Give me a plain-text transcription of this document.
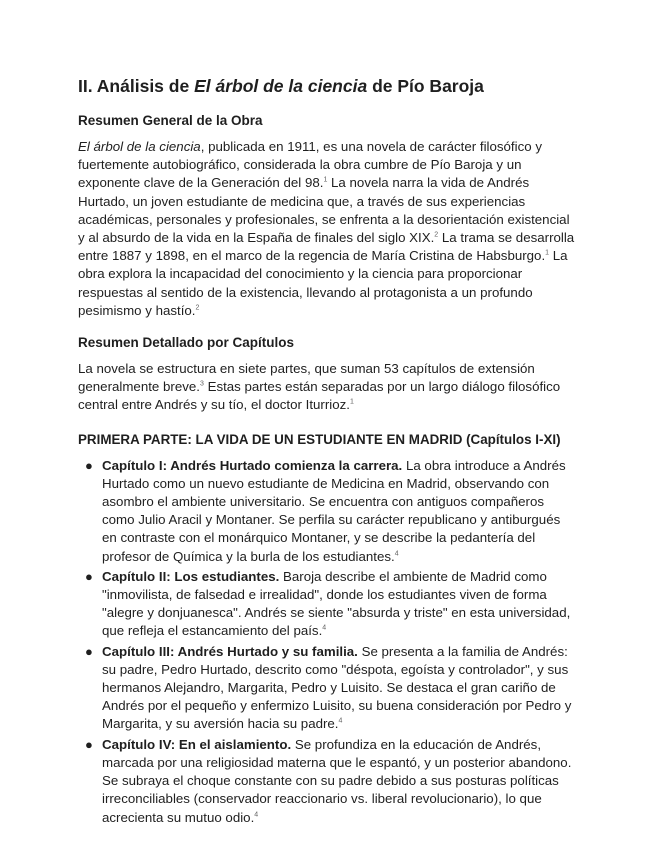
II. Análisis de El árbol de la ciencia de Pío Baroja
Resumen General de la Obra

El árbol de la ciencia, publicada en 1911, es una novela de carácter filosófico y fuertemente autobiográfico, considerada la obra cumbre de Pío Baroja y un exponente clave de la Generación del 98.$^1$ La novela narra la vida de Andrés Hurtado, un joven estudiante de medicina que, a través de sus experiencias académicas, personales y profesionales, se enfrenta a la desorientación existencial y al absurdo de la vida en la España de finales del siglo XIX.$^2$ La trama se desarrolla entre 1887 y 1898, en el marco de la regencia de María Cristina de Habsburgo.$^1$ La obra explora la incapacidad del conocimiento y la ciencia para proporcionar respuestas al sentido de la existencia, llevando al protagonista a un profundo pesimismo y hastío.$^2$

Resumen Detallado por Capítulos

La novela se estructura en siete partes, que suman 53 capítulos de extensión generalmente breve.$^3$ Estas partes están separadas por un largo diálogo filosófico central entre Andrés y su tío, el doctor Iturrioz.$^1$

PRIMERA PARTE: LA VIDA DE UN ESTUDIANTE EN MADRID (Capítulos I-XI)
● Capítulo I: Andrés Hurtado comienza la carrera. La obra introduce a Andrés Hurtado como un nuevo estudiante de Medicina en Madrid, observando con asombro el ambiente universitario. Se encuentra con antiguos compañeros como Julio Aracil y Montaner. Se perfila su carácter republicano y antiburgués en contraste con el monárquico Montaner, y se describe la pedantería del profesor de Química y la burla de los estudiantes.$^4$
● Capítulo II: Los estudiantes. Baroja describe el ambiente de Madrid como "inmovilista, de falsedad e irrealidad", donde los estudiantes viven de forma "alegre y donjuanesca". Andrés se siente "absurda y triste" en esta universidad, que refleja el estancamiento del país.$^4$
● Capítulo III: Andrés Hurtado y su familia. Se presenta a la familia de Andrés: su padre, Pedro Hurtado, descrito como "déspota, egoísta y controlador", y sus hermanos Alejandro, Margarita, Pedro y Luisito. Se destaca el gran cariño de Andrés por el pequeño y enfermizo Luisito, su buena consideración por Pedro y Margarita, y su aversión hacia su padre.$^4$
● Capítulo IV: En el aislamiento. Se profundiza en la educación de Andrés, marcada por una religiosidad materna que le espantó, y un posterior abandono. Se subraya el choque constante con su padre debido a sus posturas políticas irreconciliables (conservador reaccionario vs. liberal revolucionario), lo que acrecienta su mutuo odio.$^4$
